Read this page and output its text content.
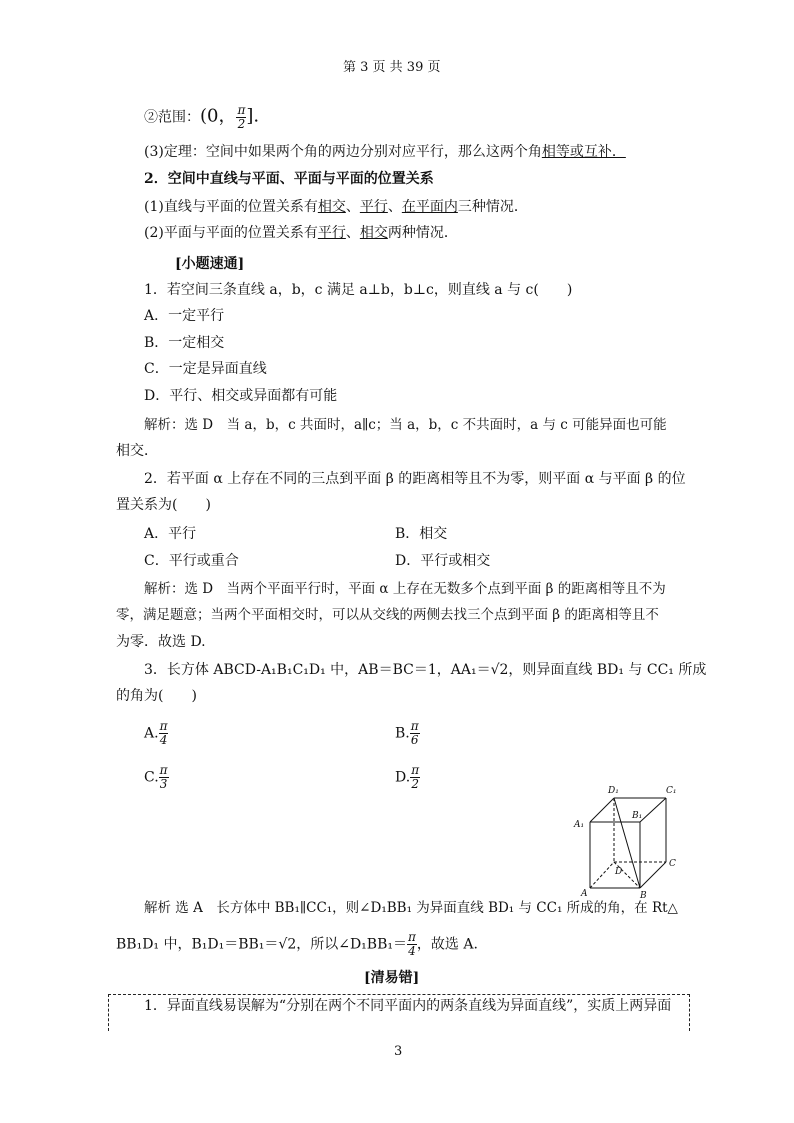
第 3 页 共 39 页
②范围：(0， $\frac{\pi}{2}$ ].
(3)定理：空间中如果两个角的两边分别对应平行，那么这两个角相等或互补．
2．空间中直线与平面、平面与平面的位置关系
(1)直线与平面的位置关系有相交、平行、在平面内三种情况．
(2)平面与平面的位置关系有平行、相交两种情况．
[小题速通]
1．若空间三条直线 a，b，c 满足 a⊥b，b⊥c，则直线 a 与 c(　　)
A．一定平行
B．一定相交
C．一定是异面直线
D．平行、相交或异面都有可能
解析：选 D　当 a，b，c 共面时，a∥c；当 a，b，c 不共面时，a 与 c 可能异面也可能
相交．
2．若平面 α 上存在不同的三点到平面 β 的距离相等且不为零，则平面 α 与平面 β 的位
置关系为(　　)
A．平行	B．相交
C．平行或重合	D．平行或相交
解析：选 D　当两个平面平行时，平面 α 上存在无数多个点到平面 β 的距离相等且不为
零，满足题意；当两个平面相交时，可以从交线的两侧去找三个点到平面 β 的距离相等且不
为零．故选 D.
3．长方体 ABCD-A₁B₁C₁D₁ 中，AB＝BC＝1，AA₁＝√2，则异面直线 BD₁ 与 CC₁ 所成
的角为(　　)
A. $\frac{\pi}{4}$	B. $\frac{\pi}{6}$
C. $\frac{\pi}{3}$	D. $\frac{\pi}{2}$	D₁	C₁
B₁
A₁
C
D
A	B
解析 选 A　长方体中 BB₁∥CC₁，则∠D₁BB₁ 为异面直线 BD₁ 与 CC₁ 所成的角，在 Rt△
BB₁D₁ 中，B₁D₁＝BB₁＝√2，所以∠D₁BB₁＝ $\frac{\pi}{4}$ ，故选 A.
[清易错]
1．异面直线易误解为“分别在两个不同平面内的两条直线为异面直线”，实质上两异面
3
